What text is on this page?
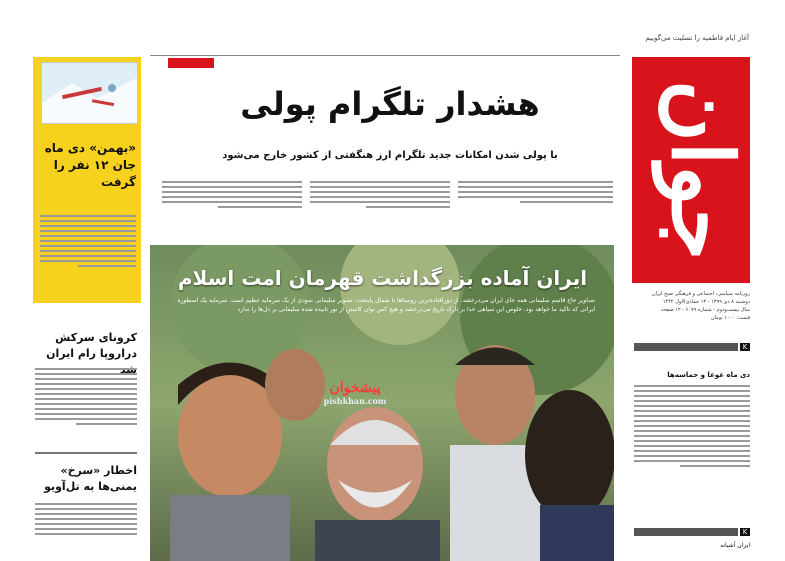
آغاز ایام فاطمیه را تسلیت می‌گوییم
جوان
روزنامه سیاسی، اجتماعی و فرهنگی صبح ایران
دوشنبه ۸ دی ۱۳۹۹ - ۱۳ جمادی‌الاول ۱۴۴۲
سال بیست‌ودوم - شماره ۶۰۷۹ - ۱۲ صفحه
قیمت: ۱۰۰۰ تومان
K
دی ماه غوغا و حماسه‌ها
K
ایران آشیانه
«بهمن» دی ماه جان ۱۲ نفر را گرفت
کرونای سرکش دراروپا رام ایران
اخطار «سرخ» یمنی‌ها به تل‌آویو
هشدار تلگرام پولی
با پولی شدن امکانات جدید تلگرام ارز هنگفتی از کشور خارج می‌شود
ایران آماده بزرگداشت قهرمان امت اسلام
تصاویر حاج قاسم سلیمانی همه جای ایران می‌درخشد. از دورافتاده‌ترین روستاها تا شمال پایتخت، تصویر سلیمانی نمودی از یک سرمایه عظیم است. سرمایه یک اسطوره ایرانی که تاکید ما خواهد بود. خلوص این سپاهی خدا بر تارک تاریخ می‌درخشد و هیچ کس توان کاستن از نور تابیده شده سلیمانی بر دل‌ها را ندارد
پیشخوان
pishkhan.com
